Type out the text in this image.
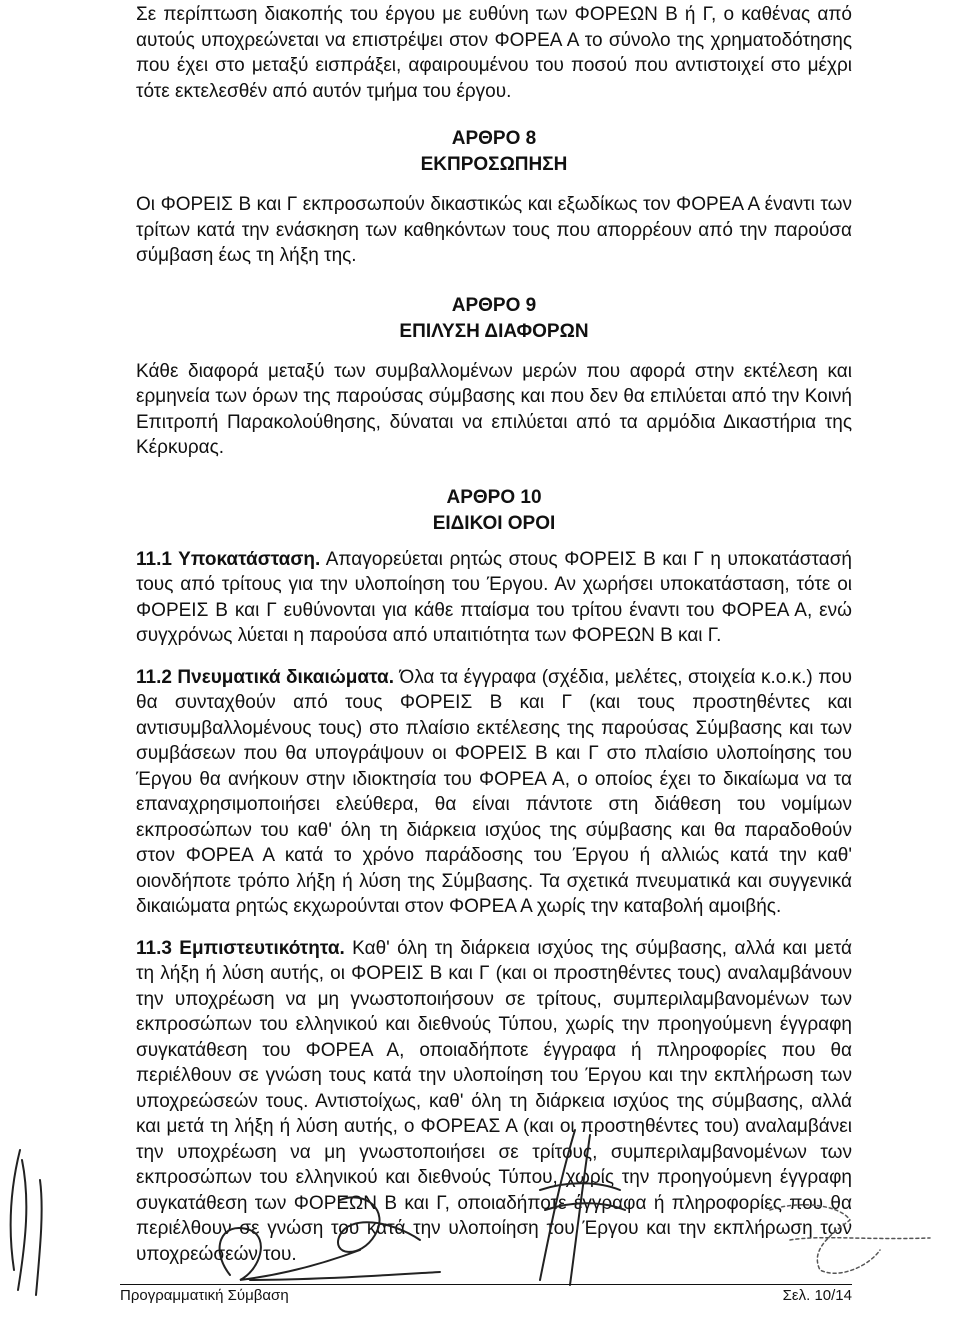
Σε περίπτωση διακοπής του έργου με ευθύνη των ΦΟΡΕΩΝ Β ή Γ, ο καθένας από αυτούς υποχρεώνεται να επιστρέψει στον ΦΟΡΕΑ Α το σύνολο της χρηματοδότησης που έχει στο μεταξύ εισπράξει, αφαιρουμένου του ποσού που αντιστοιχεί στο μέχρι τότε εκτελεσθέν από αυτόν τμήμα του έργου.

ΑΡΘΡΟ 8
ΕΚΠΡΟΣΩΠΗΣΗ

Οι ΦΟΡΕΙΣ Β και Γ εκπροσωπούν δικαστικώς και εξωδίκως τον ΦΟΡΕΑ Α έναντι των τρίτων κατά την ενάσκηση των καθηκόντων τους που απορρέουν από την παρούσα σύμβαση έως τη λήξη της.

ΑΡΘΡΟ 9
ΕΠΙΛΥΣΗ ΔΙΑΦΟΡΩΝ

Κάθε διαφορά μεταξύ των συμβαλλομένων μερών που αφορά στην εκτέλεση και ερμηνεία των όρων της παρούσας σύμβασης και που δεν θα επιλύεται από την Κοινή Επιτροπή Παρακολούθησης, δύναται να επιλύεται από τα αρμόδια Δικαστήρια της Κέρκυρας.

ΑΡΘΡΟ 10
ΕΙΔΙΚΟΙ ΟΡΟΙ

11.1 Υποκατάσταση. Απαγορεύεται ρητώς στους ΦΟΡΕΙΣ Β και Γ η υποκατάστασή τους από τρίτους για την υλοποίηση του Έργου. Αν χωρήσει υποκατάσταση, τότε οι ΦΟΡΕΙΣ Β και Γ ευθύνονται για κάθε πταίσμα του τρίτου έναντι του ΦΟΡΕΑ Α, ενώ συγχρόνως λύεται η παρούσα από υπαιτιότητα των ΦΟΡΕΩΝ Β και Γ.

11.2 Πνευματικά δικαιώματα. Όλα τα έγγραφα (σχέδια, μελέτες, στοιχεία κ.ο.κ.) που θα συνταχθούν από τους ΦΟΡΕΙΣ Β και Γ (και τους προστηθέντες και αντισυμβαλλομένους τους) στο πλαίσιο εκτέλεσης της παρούσας Σύμβασης και των συμβάσεων που θα υπογράψουν οι ΦΟΡΕΙΣ Β και Γ στο πλαίσιο υλοποίησης του Έργου θα ανήκουν στην ιδιοκτησία του ΦΟΡΕΑ Α, ο οποίος έχει το δικαίωμα να τα επαναχρησιμοποιήσει ελεύθερα, θα είναι πάντοτε στη διάθεση του νομίμων εκπροσώπων του καθ' όλη τη διάρκεια ισχύος της σύμβασης και θα παραδοθούν στον ΦΟΡΕΑ Α κατά το χρόνο παράδοσης του Έργου ή αλλιώς κατά την καθ' οιονδήποτε τρόπο λήξη ή λύση της Σύμβασης. Τα σχετικά πνευματικά και συγγενικά δικαιώματα ρητώς εκχωρούνται στον ΦΟΡΕΑ Α χωρίς την καταβολή αμοιβής.

11.3 Εμπιστευτικότητα. Καθ' όλη τη διάρκεια ισχύος της σύμβασης, αλλά και μετά τη λήξη ή λύση αυτής, οι ΦΟΡΕΙΣ Β και Γ (και οι προστηθέντες τους) αναλαμβάνουν την υποχρέωση να μη γνωστοποιήσουν σε τρίτους, συμπεριλαμβανομένων των εκπροσώπων του ελληνικού και διεθνούς Τύπου, χωρίς την προηγούμενη έγγραφη συγκατάθεση του ΦΟΡΕΑ Α, οποιαδήποτε έγγραφα ή πληροφορίες που θα περιέλθουν σε γνώση τους κατά την υλοποίηση του Έργου και την εκπλήρωση των υποχρεώσεών τους. Αντιστοίχως, καθ' όλη τη διάρκεια ισχύος της σύμβασης, αλλά και μετά τη λήξη ή λύση αυτής, ο ΦΟΡΕΑΣ Α (και οι προστηθέντες του) αναλαμβάνει την υποχρέωση να μη γνωστοποιήσει σε τρίτους, συμπεριλαμβανομένων των εκπροσώπων του ελληνικού και διεθνούς Τύπου, χωρίς την προηγούμενη έγγραφη συγκατάθεση των ΦΟΡΕΩΝ Β και Γ, οποιαδήποτε έγγραφα ή πληροφορίες που θα περιέλθουν σε γνώση του κατά την υλοποίηση του Έργου και την εκπλήρωση των υποχρεώσεών του.

Προγραμματική Σύμβαση	Σελ. 10/14
